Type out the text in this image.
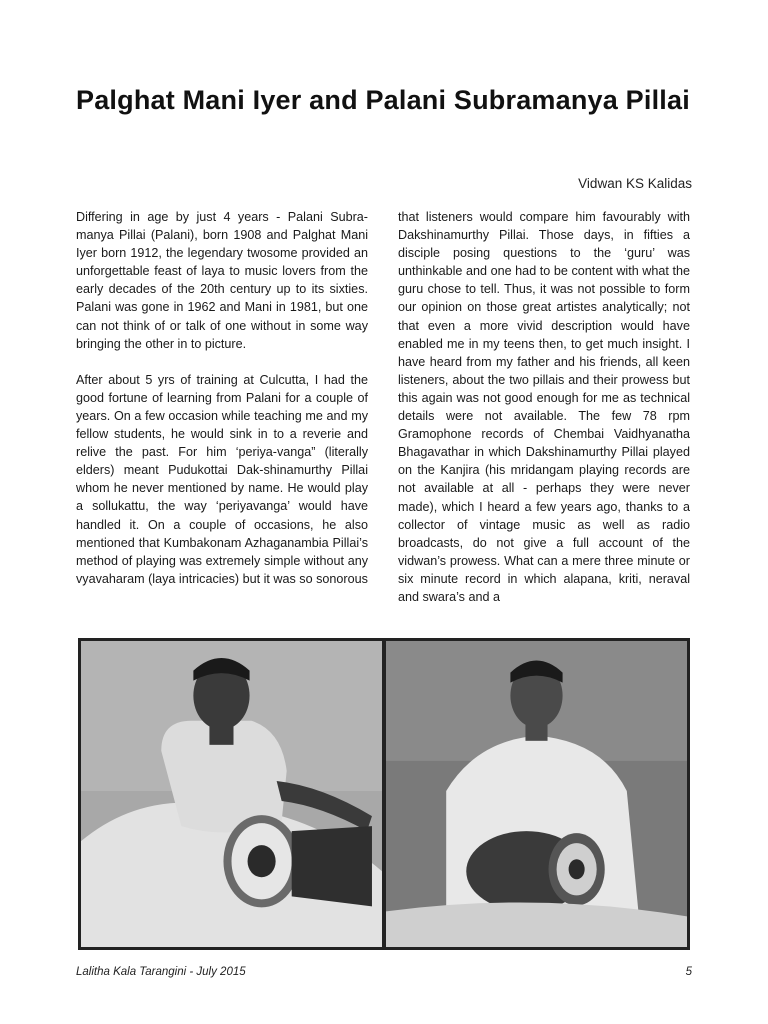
Palghat Mani Iyer and Palani Subramanya Pillai
Vidwan KS Kalidas

Differing in age by just 4 years - Palani Subra-manya Pillai (Palani), born 1908 and Palghat Mani Iyer born 1912, the legendary twosome provided an unforgettable feast of laya to music lovers from the early decades of the 20th century up to its sixties. Palani was gone in 1962 and Mani in 1981, but one can not think of or talk of one without in some way bringing the other in to picture.

After about 5 yrs of training at Culcutta, I had the good fortune of learning from Palani for a couple of years. On a few occasion while teaching me and my fellow students, he would sink in to a reverie and relive the past. For him ‘periya-vanga” (literally elders) meant Pudukottai Dak-shinamurthy Pillai whom he never mentioned by name. He would play a sollukattu, the way ‘periyavanga’ would have handled it. On a couple of occasions, he also mentioned that Kumbakonam Azhaganambia Pillai’s method of playing was extremely simple without any vyavaharam (laya intricacies) but it was so sonorous

that listeners would compare him favourably with Dakshinamurthy Pillai. Those days, in fifties a disciple posing questions to the ‘guru’ was unthinkable and one had to be content with what the guru chose to tell. Thus, it was not possible to form our opinion on those great artistes analytically; not that even a more vivid description would have enabled me in my teens then, to get much insight. I have heard from my father and his friends, all keen listeners, about the two pillais and their prowess but this again was not good enough for me as technical details were not available. The few 78 rpm Gramophone records of Chembai Vaidhyanatha Bhagavathar in which Dakshinamurthy Pillai played on the Kanjira (his mridangam playing records are not available at all - perhaps they were never made), which I heard a few years ago, thanks to a collector of vintage music as well as radio broadcasts, do not give a full account of the vidwan’s prowess. What can a mere three minute or six minute record in which alapana, kriti, neraval and swara’s and a

Lalitha Kala Tarangini - July 2015	5
